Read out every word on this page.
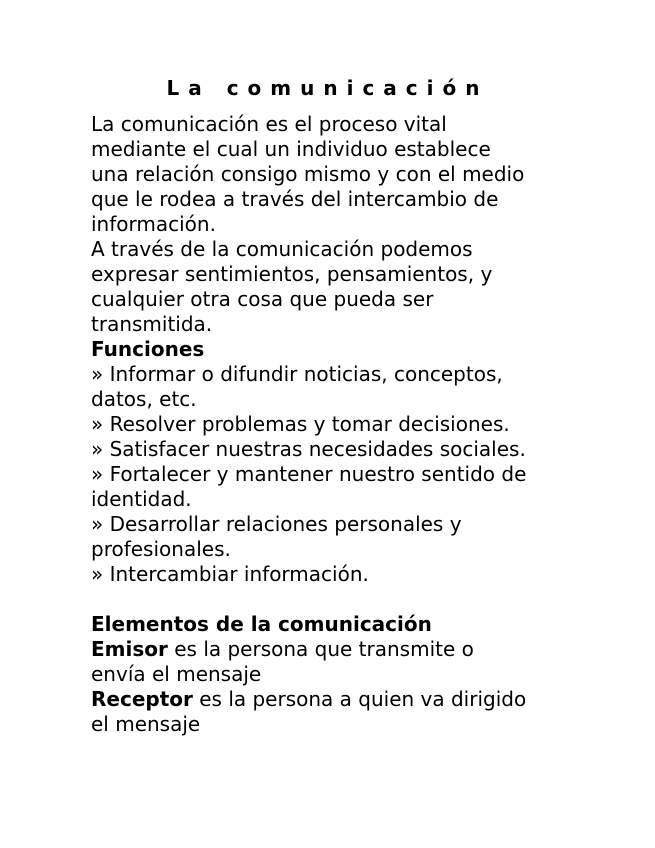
La comunicación
La comunicación es el proceso vital
mediante el cual un individuo establece
una relación consigo mismo y con el medio
que le rodea a través del intercambio de
información.
A través de la comunicación podemos
expresar sentimientos, pensamientos, y
cualquier otra cosa que pueda ser
transmitida.
Funciones
» Informar o difundir noticias, conceptos,
datos, etc.
» Resolver problemas y tomar decisiones.
» Satisfacer nuestras necesidades sociales.
» Fortalecer y mantener nuestro sentido de
identidad.
» Desarrollar relaciones personales y
profesionales.
» Intercambiar información.
Elementos de la comunicación
Emisor es la persona que transmite o
envía el mensaje
Receptor es la persona a quien va dirigido
el mensaje
